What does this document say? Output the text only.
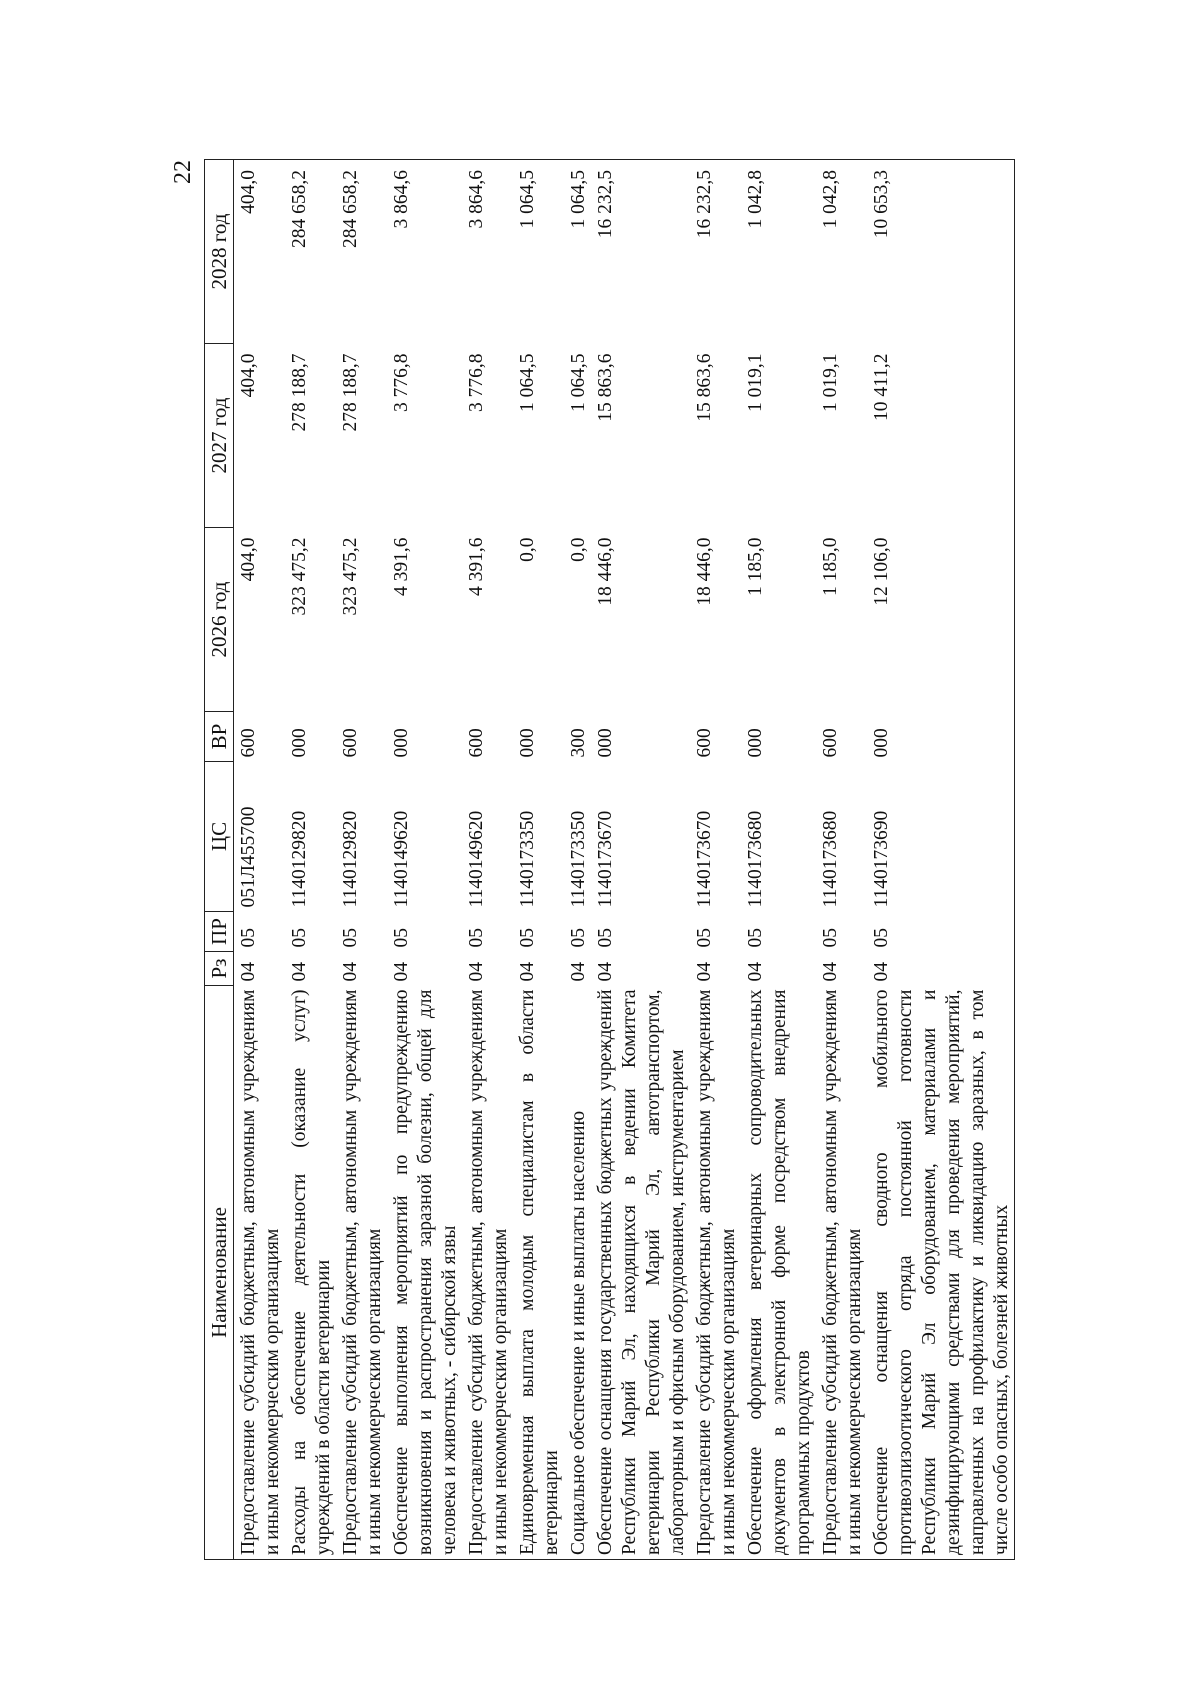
22
Наименование	Рз	ПР	ЦС	ВР	2026 год	2027 год	2028 год
Предоставление субсидий бюджетным, автономным учреждениям и иным некоммерческим организациям	04	05	051Л455700	600	404,0	404,0	404,0
Расходы на обеспечение деятельности (оказание услуг) учреждений в области ветеринарии	04	05	1140129820	000	323 475,2	278 188,7	284 658,2
Предоставление субсидий бюджетным, автономным учреждениям и иным некоммерческим организациям	04	05	1140129820	600	323 475,2	278 188,7	284 658,2
Обеспечение выполнения мероприятий по предупреждению возникновения и распространения заразной болезни, общей для человека и животных, - сибирской язвы	04	05	1140149620	000	4 391,6	3 776,8	3 864,6
Предоставление субсидий бюджетным, автономным учреждениям и иным некоммерческим организациям	04	05	1140149620	600	4 391,6	3 776,8	3 864,6
Единовременная выплата молодым специалистам в области ветеринарии	04	05	1140173350	000	0,0	1 064,5	1 064,5
Социальное обеспечение и иные выплаты населению	04	05	1140173350	300	0,0	1 064,5	1 064,5
Обеспечение оснащения государственных бюджетных учреждений Республики Марий Эл, находящихся в ведении Комитета ветеринарии Республики Марий Эл, автотранспортом, лабораторным и офисным оборудованием, инструментарием	04	05	1140173670	000	18 446,0	15 863,6	16 232,5
Предоставление субсидий бюджетным, автономным учреждениям и иным некоммерческим организациям	04	05	1140173670	600	18 446,0	15 863,6	16 232,5
Обеспечение оформления ветеринарных сопроводительных документов в электронной форме посредством внедрения программных продуктов	04	05	1140173680	000	1 185,0	1 019,1	1 042,8
Предоставление субсидий бюджетным, автономным учреждениям и иным некоммерческим организациям	04	05	1140173680	600	1 185,0	1 019,1	1 042,8
Обеспечение оснащения сводного мобильного противоэпизоотического отряда постоянной готовности Республики Марий Эл оборудованием, материалами и дезинфицирующими средствами для проведения мероприятий, направленных на профилактику и ликвидацию заразных, в том числе особо опасных, болезней животных	04	05	1140173690	000	12 106,0	10 411,2	10 653,3
